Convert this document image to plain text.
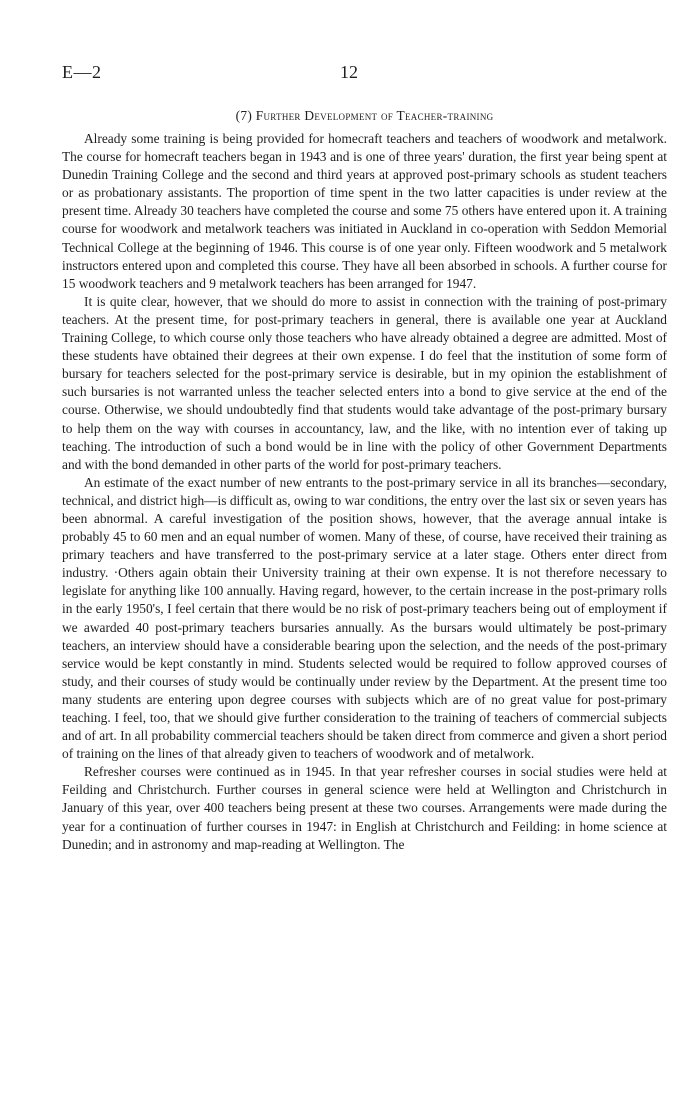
E—2	12
(7) Further Development of Teacher-training

Already some training is being provided for homecraft teachers and teachers of woodwork and metalwork. The course for homecraft teachers began in 1943 and is one of three years' duration, the first year being spent at Dunedin Training College and the second and third years at approved post-primary schools as student teachers or as probationary assistants. The proportion of time spent in the two latter capacities is under review at the present time. Already 30 teachers have completed the course and some 75 others have entered upon it. A training course for woodwork and metalwork teachers was initiated in Auckland in co-operation with Seddon Memorial Technical College at the beginning of 1946. This course is of one year only. Fifteen woodwork and 5 metalwork instructors entered upon and completed this course. They have all been absorbed in schools. A further course for 15 woodwork teachers and 9 metalwork teachers has been arranged for 1947.

It is quite clear, however, that we should do more to assist in connection with the training of post-primary teachers. At the present time, for post-primary teachers in general, there is available one year at Auckland Training College, to which course only those teachers who have already obtained a degree are admitted. Most of these students have obtained their degrees at their own expense. I do feel that the institution of some form of bursary for teachers selected for the post-primary service is desirable, but in my opinion the establishment of such bursaries is not warranted unless the teacher selected enters into a bond to give service at the end of the course. Otherwise, we should undoubtedly find that students would take advantage of the post-primary bursary to help them on the way with courses in accountancy, law, and the like, with no intention ever of taking up teaching. The introduction of such a bond would be in line with the policy of other Government Departments and with the bond demanded in other parts of the world for post-primary teachers.

An estimate of the exact number of new entrants to the post-primary service in all its branches—secondary, technical, and district high—is difficult as, owing to war conditions, the entry over the last six or seven years has been abnormal. A careful investigation of the position shows, however, that the average annual intake is probably 45 to 60 men and an equal number of women. Many of these, of course, have received their training as primary teachers and have transferred to the post-primary service at a later stage. Others enter direct from industry. ·Others again obtain their University training at their own expense. It is not therefore necessary to legislate for anything like 100 annually. Having regard, however, to the certain increase in the post-primary rolls in the early 1950's, I feel certain that there would be no risk of post-primary teachers being out of employment if we awarded 40 post-primary teachers bursaries annually. As the bursars would ultimately be post-primary teachers, an interview should have a considerable bearing upon the selection, and the needs of the post-primary service would be kept constantly in mind. Students selected would be required to follow approved courses of study, and their courses of study would be continually under review by the Department. At the present time too many students are entering upon degree courses with subjects which are of no great value for post-primary teaching. I feel, too, that we should give further consideration to the training of teachers of commercial subjects and of art. In all probability commercial teachers should be taken direct from commerce and given a short period of training on the lines of that already given to teachers of woodwork and of metalwork.

Refresher courses were continued as in 1945. In that year refresher courses in social studies were held at Feilding and Christchurch. Further courses in general science were held at Wellington and Christchurch in January of this year, over 400 teachers being present at these two courses. Arrangements were made during the year for a continuation of further courses in 1947: in English at Christchurch and Feilding: in home science at Dunedin; and in astronomy and map-reading at Wellington. The
